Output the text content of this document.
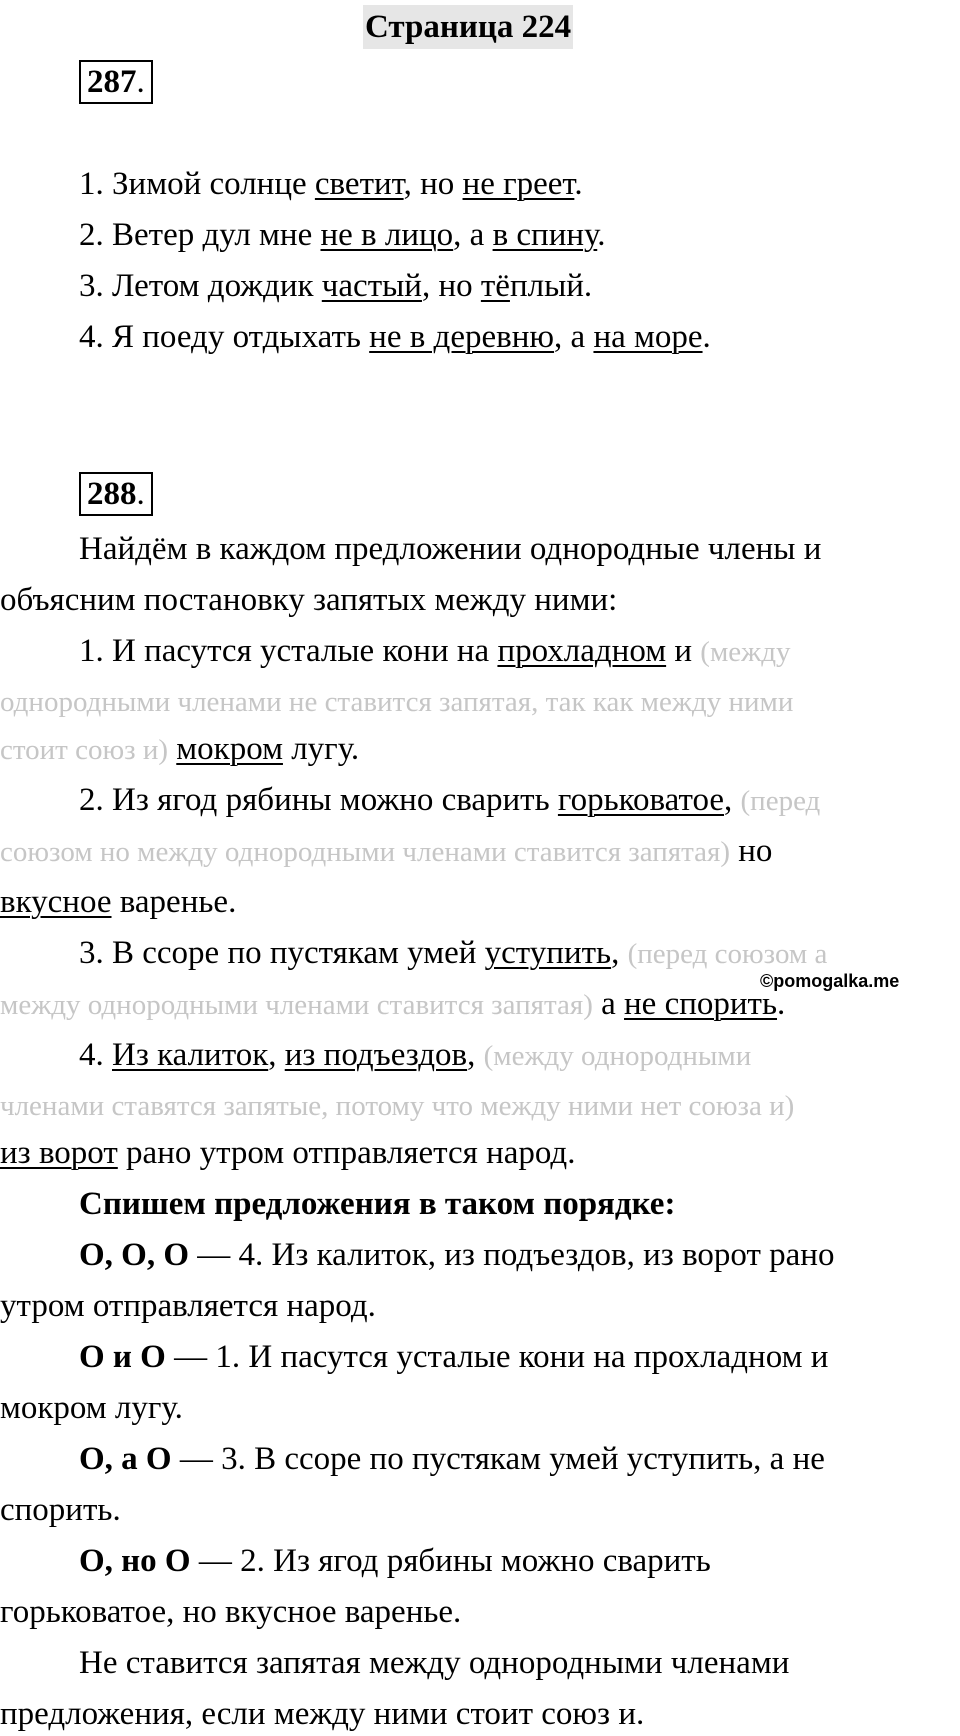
Страница 224
287.
1. Зимой солнце светит, но не греет.
2. Ветер дул мне не в лицо, а в спину.
3. Летом дождик частый, но тёплый.
4. Я поеду отдыхать не в деревню, а на море.
288.
Найдём в каждом предложении однородные члены и
объясним постановку запятых между ними:
1. И пасутся усталые кони на прохладном и (между
однородными членами не ставится запятая, так как между ними
стоит союз и) мокром лугу.
2. Из ягод рябины можно сварить горьковатое, (перед
союзом но между однородными членами ставится запятая) но
вкусное варенье.
3. В ссоре по пустякам умей уступить, (перед союзом а
между однородными членами ставится запятая) а не спорить.
©pomogalka.me
4. Из калиток, из подъездов, (между однородными
членами ставятся запятые, потому что между ними нет союза и)
из ворот рано утром отправляется народ.
Спишем предложения в таком порядке:
О, О, О — 4. Из калиток, из подъездов, из ворот рано
утром отправляется народ.
О и О — 1. И пасутся усталые кони на прохладном и
мокром лугу.
О, а О — 3. В ссоре по пустякам умей уступить, а не
спорить.
О, но О — 2. Из ягод рябины можно сварить
горьковатое, но вкусное варенье.
Не ставится запятая между однородными членами
предложения, если между ними стоит союз и.
